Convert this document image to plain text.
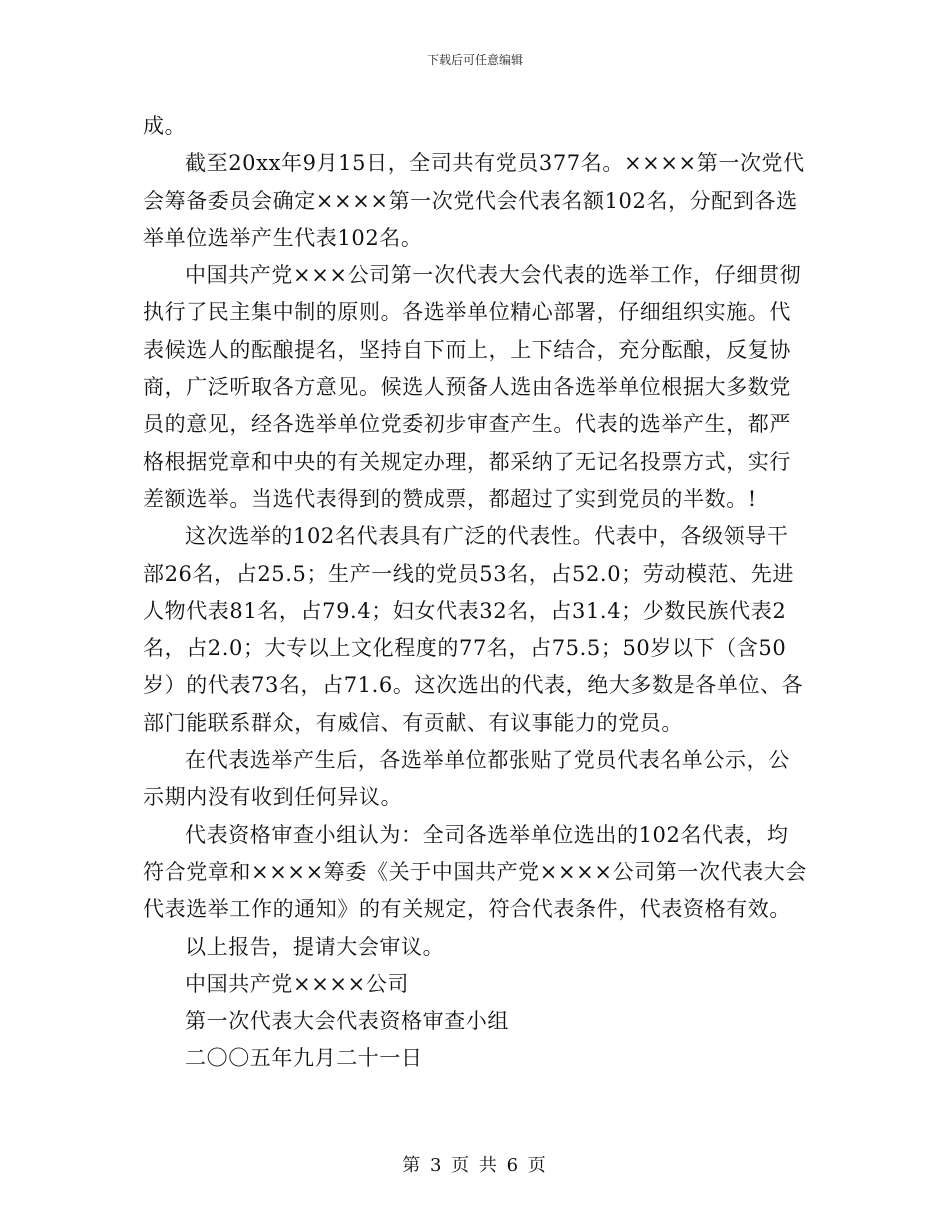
下载后可任意编辑

成。

截至20xx年9月15日，全司共有党员377名。××××第一次党代会筹备委员会确定××××第一次党代会代表名额102名，分配到各选举单位选举产生代表102名。

中国共产党×××公司第一次代表大会代表的选举工作，仔细贯彻执行了民主集中制的原则。各选举单位精心部署，仔细组织实施。代表候选人的酝酿提名，坚持自下而上，上下结合，充分酝酿，反复协商，广泛听取各方意见。候选人预备人选由各选举单位根据大多数党员的意见，经各选举单位党委初步审查产生。代表的选举产生，都严格根据党章和中央的有关规定办理，都采纳了无记名投票方式，实行差额选举。当选代表得到的赞成票，都超过了实到党员的半数。!

这次选举的102名代表具有广泛的代表性。代表中，各级领导干部26名，占25.5；生产一线的党员53名，占52.0；劳动模范、先进人物代表81名，占79.4；妇女代表32名，占31.4；少数民族代表2名，占2.0；大专以上文化程度的77名，占75.5；50岁以下（含50岁）的代表73名，占71.6。这次选出的代表，绝大多数是各单位、各部门能联系群众，有威信、有贡献、有议事能力的党员。

在代表选举产生后，各选举单位都张贴了党员代表名单公示，公示期内没有收到任何异议。

代表资格审查小组认为：全司各选举单位选出的102名代表，均符合党章和××××筹委《关于中国共产党××××公司第一次代表大会代表选举工作的通知》的有关规定，符合代表条件，代表资格有效。

以上报告，提请大会审议。

中国共产党××××公司

第一次代表大会代表资格审查小组

二〇〇五年九月二十一日

第 3 页 共 6 页
